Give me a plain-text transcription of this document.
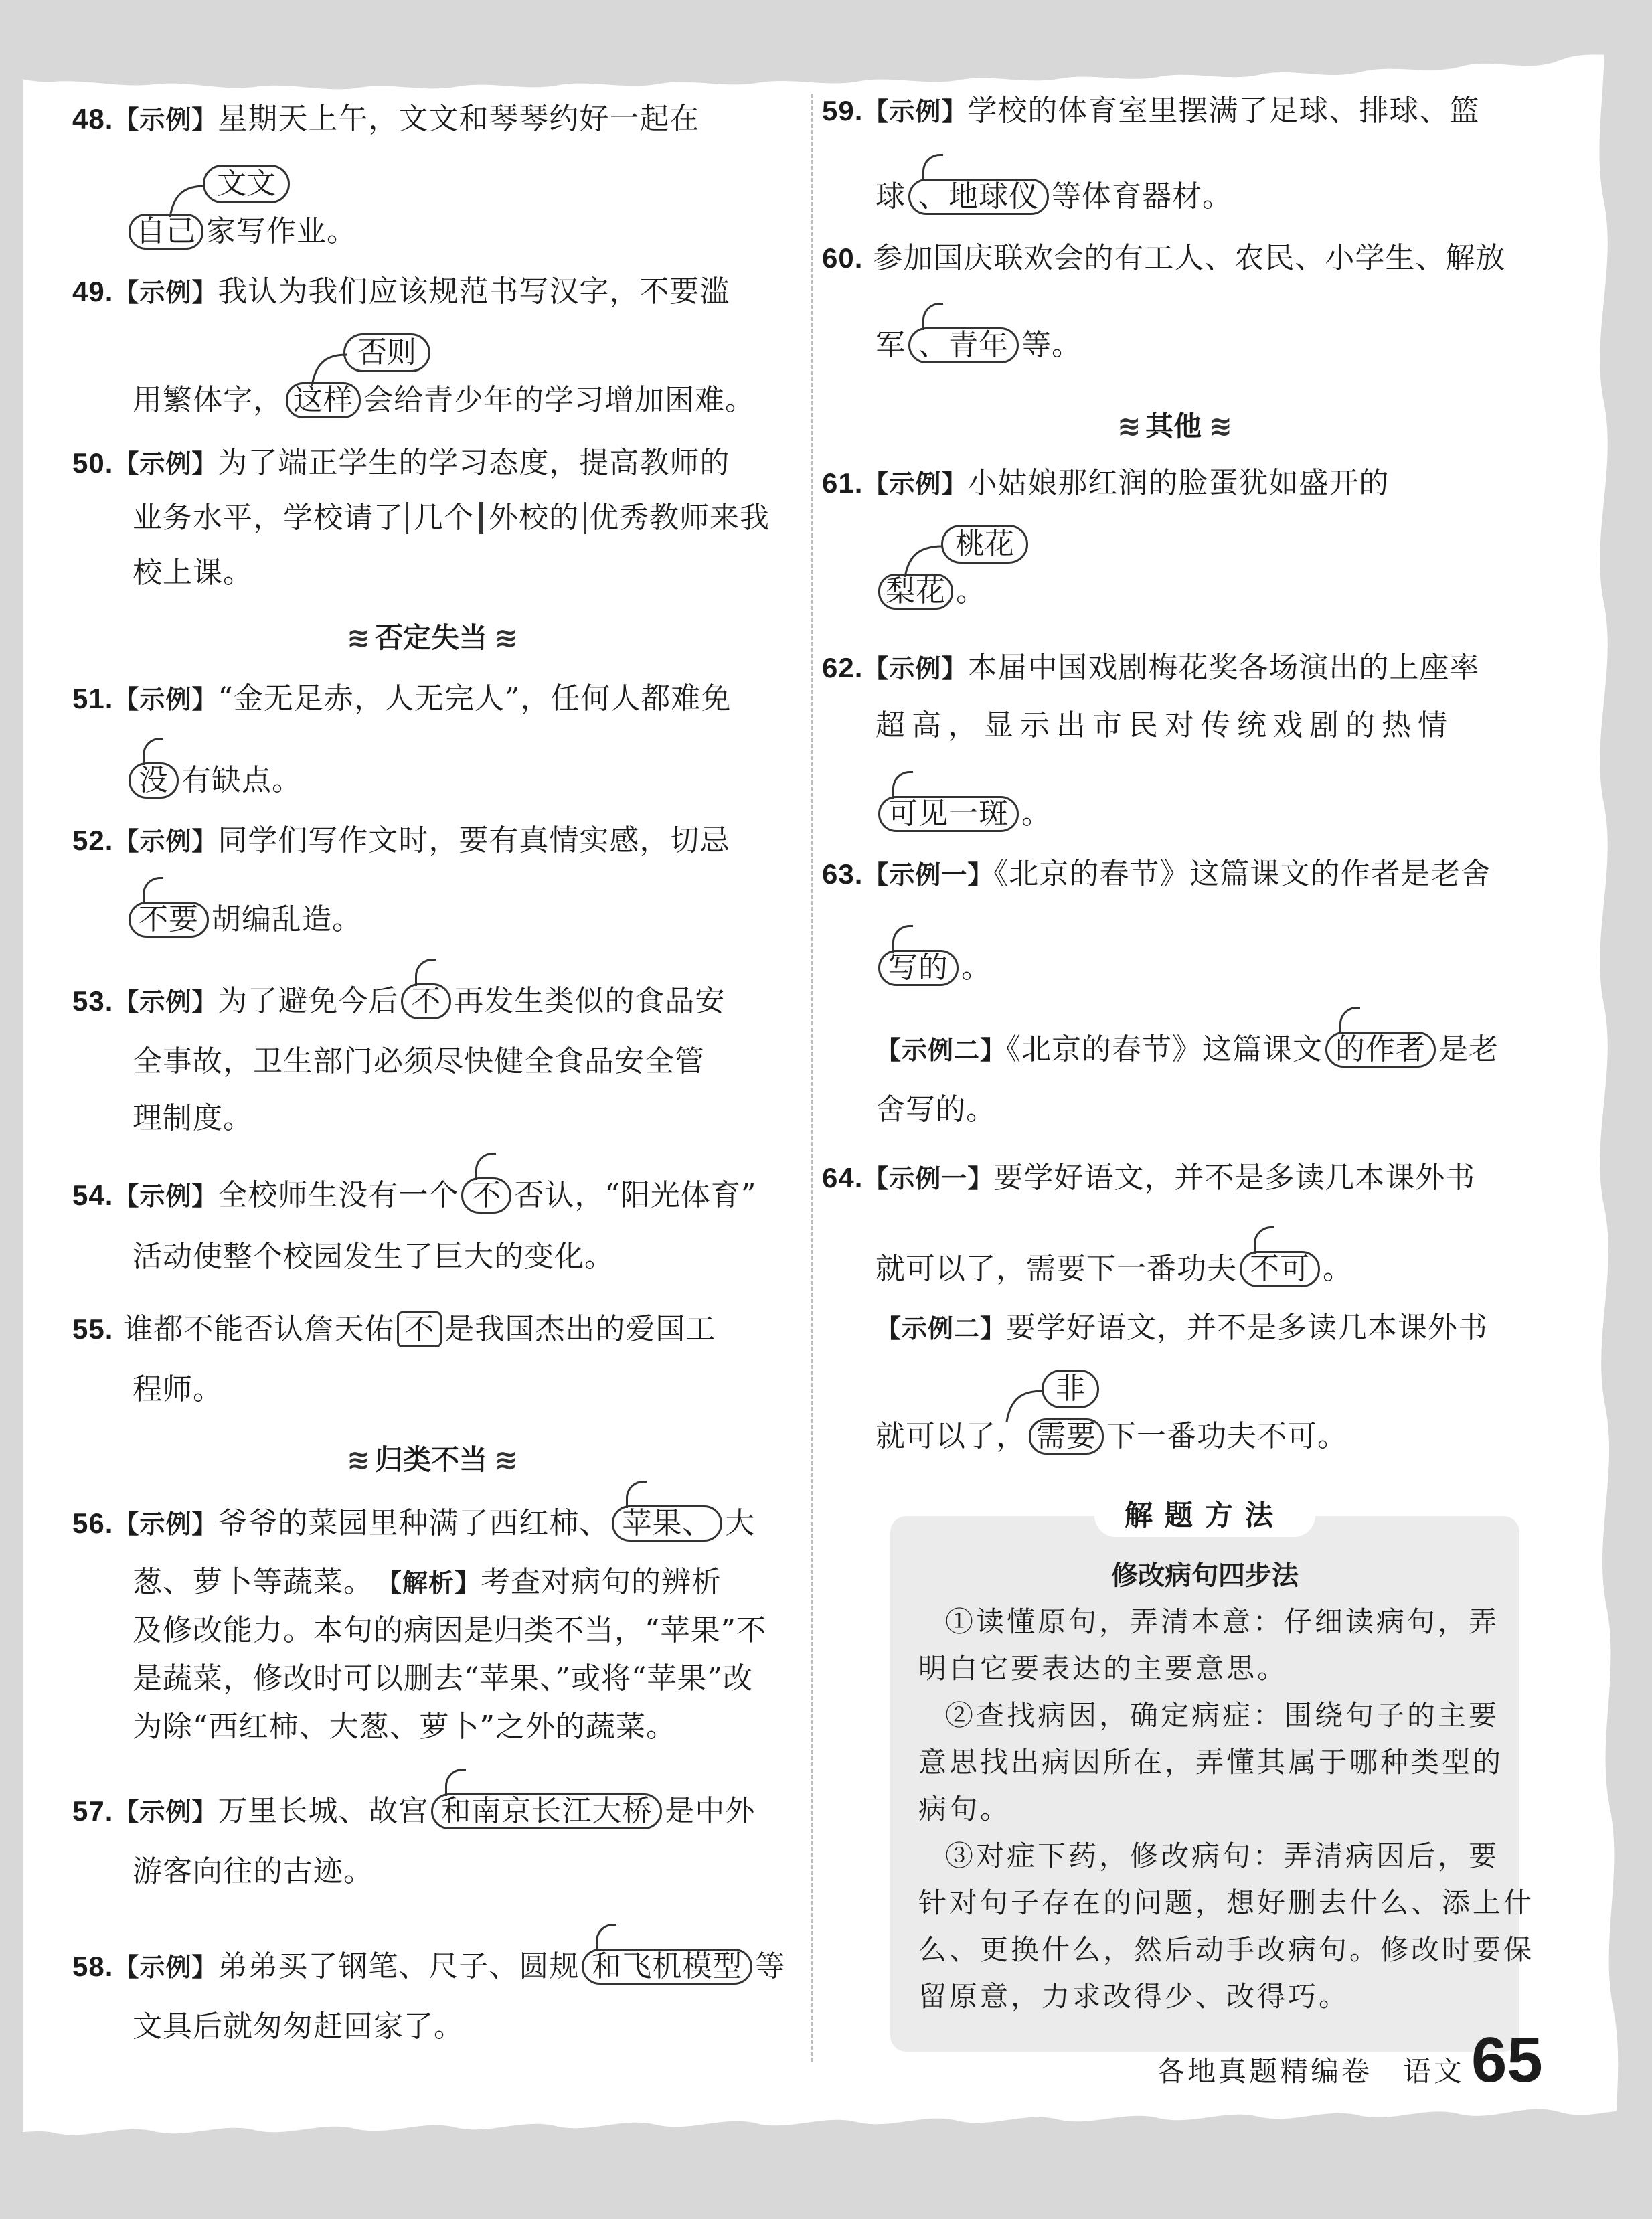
48.【示例】星期天上午，文文和琴琴约好一起在
文文
自己 家写作业。
49.【示例】我认为我们应该规范书写汉字，不要滥
否则
用繁体字， 这样 会给青少年的学习增加困难。
50.【示例】为了端正学生的学习态度，提高教师的
业务水平，学校请了 几个 外校的 优秀教师来我
校上课。
≋ 否定失当 ≋
51.【示例】“金无足赤，人无完人”，任何人都难免
没 有缺点。
52.【示例】同学们写作文时，要有真情实感，切忌
不要 胡编乱造。
53.【示例】为了避免今后 不 再发生类似的食品安
全事故，卫生部门必须尽快健全食品安全管
理制度。
54.【示例】全校师生没有一个 不 否认，“阳光体育”
活动使整个校园发生了巨大的变化。
55. 谁都不能否认詹天佑 不 是我国杰出的爱国工
程师。
≋ 归类不当 ≋
56.【示例】爷爷的菜园里种满了西红柿、 苹果、 大
葱、萝卜等蔬菜。　 【解析】考查对病句的辨析
及修改能力。本句的病因是归类不当，“苹果”不
是蔬菜，修改时可以删去“苹果、”或将“苹果”改
为除“西红柿、大葱、萝卜”之外的蔬菜。
57.【示例】万里长城、故宫 和南京长江大桥 是中外
游客向往的古迹。
58.【示例】弟弟买了钢笔、尺子、圆规 和飞机模型 等
文具后就匆匆赶回家了。
59.【示例】学校的体育室里摆满了足球、排球、篮
球 、地球仪 等体育器材。
60. 参加国庆联欢会的有工人、农民、小学生、解放
军 、青年 等。
≋ 其他 ≋
61.【示例】小姑娘那红润的脸蛋犹如盛开的
桃花
梨花 。
62.【示例】本届中国戏剧梅花奖各场演出的上座率
超高，显示出市民对传统戏剧的热情
可见一斑 。
63.【示例一】《北京的春节》这篇课文的作者是老舍
写的 。
【示例二】《北京的春节》这篇课文 的作者 是老
舍写的。
64.【示例一】要学好语文，并不是多读几本课外书
就可以了，需要下一番功夫 不可 。
【示例二】要学好语文，并不是多读几本课外书
非
就可以了， 需要 下一番功夫不可。
解题方法
修改病句四步法
①读懂原句，弄清本意：仔细读病句，弄
明白它要表达的主要意思。
②查找病因，确定病症：围绕句子的主要
意思找出病因所在，弄懂其属于哪种类型的
病句。
③对症下药，修改病句：弄清病因后，要
针对句子存在的问题，想好删去什么、添上什
么、更换什么，然后动手改病句。修改时要保
留原意，力求改得少、改得巧。
各地真题精编卷　语文 65
